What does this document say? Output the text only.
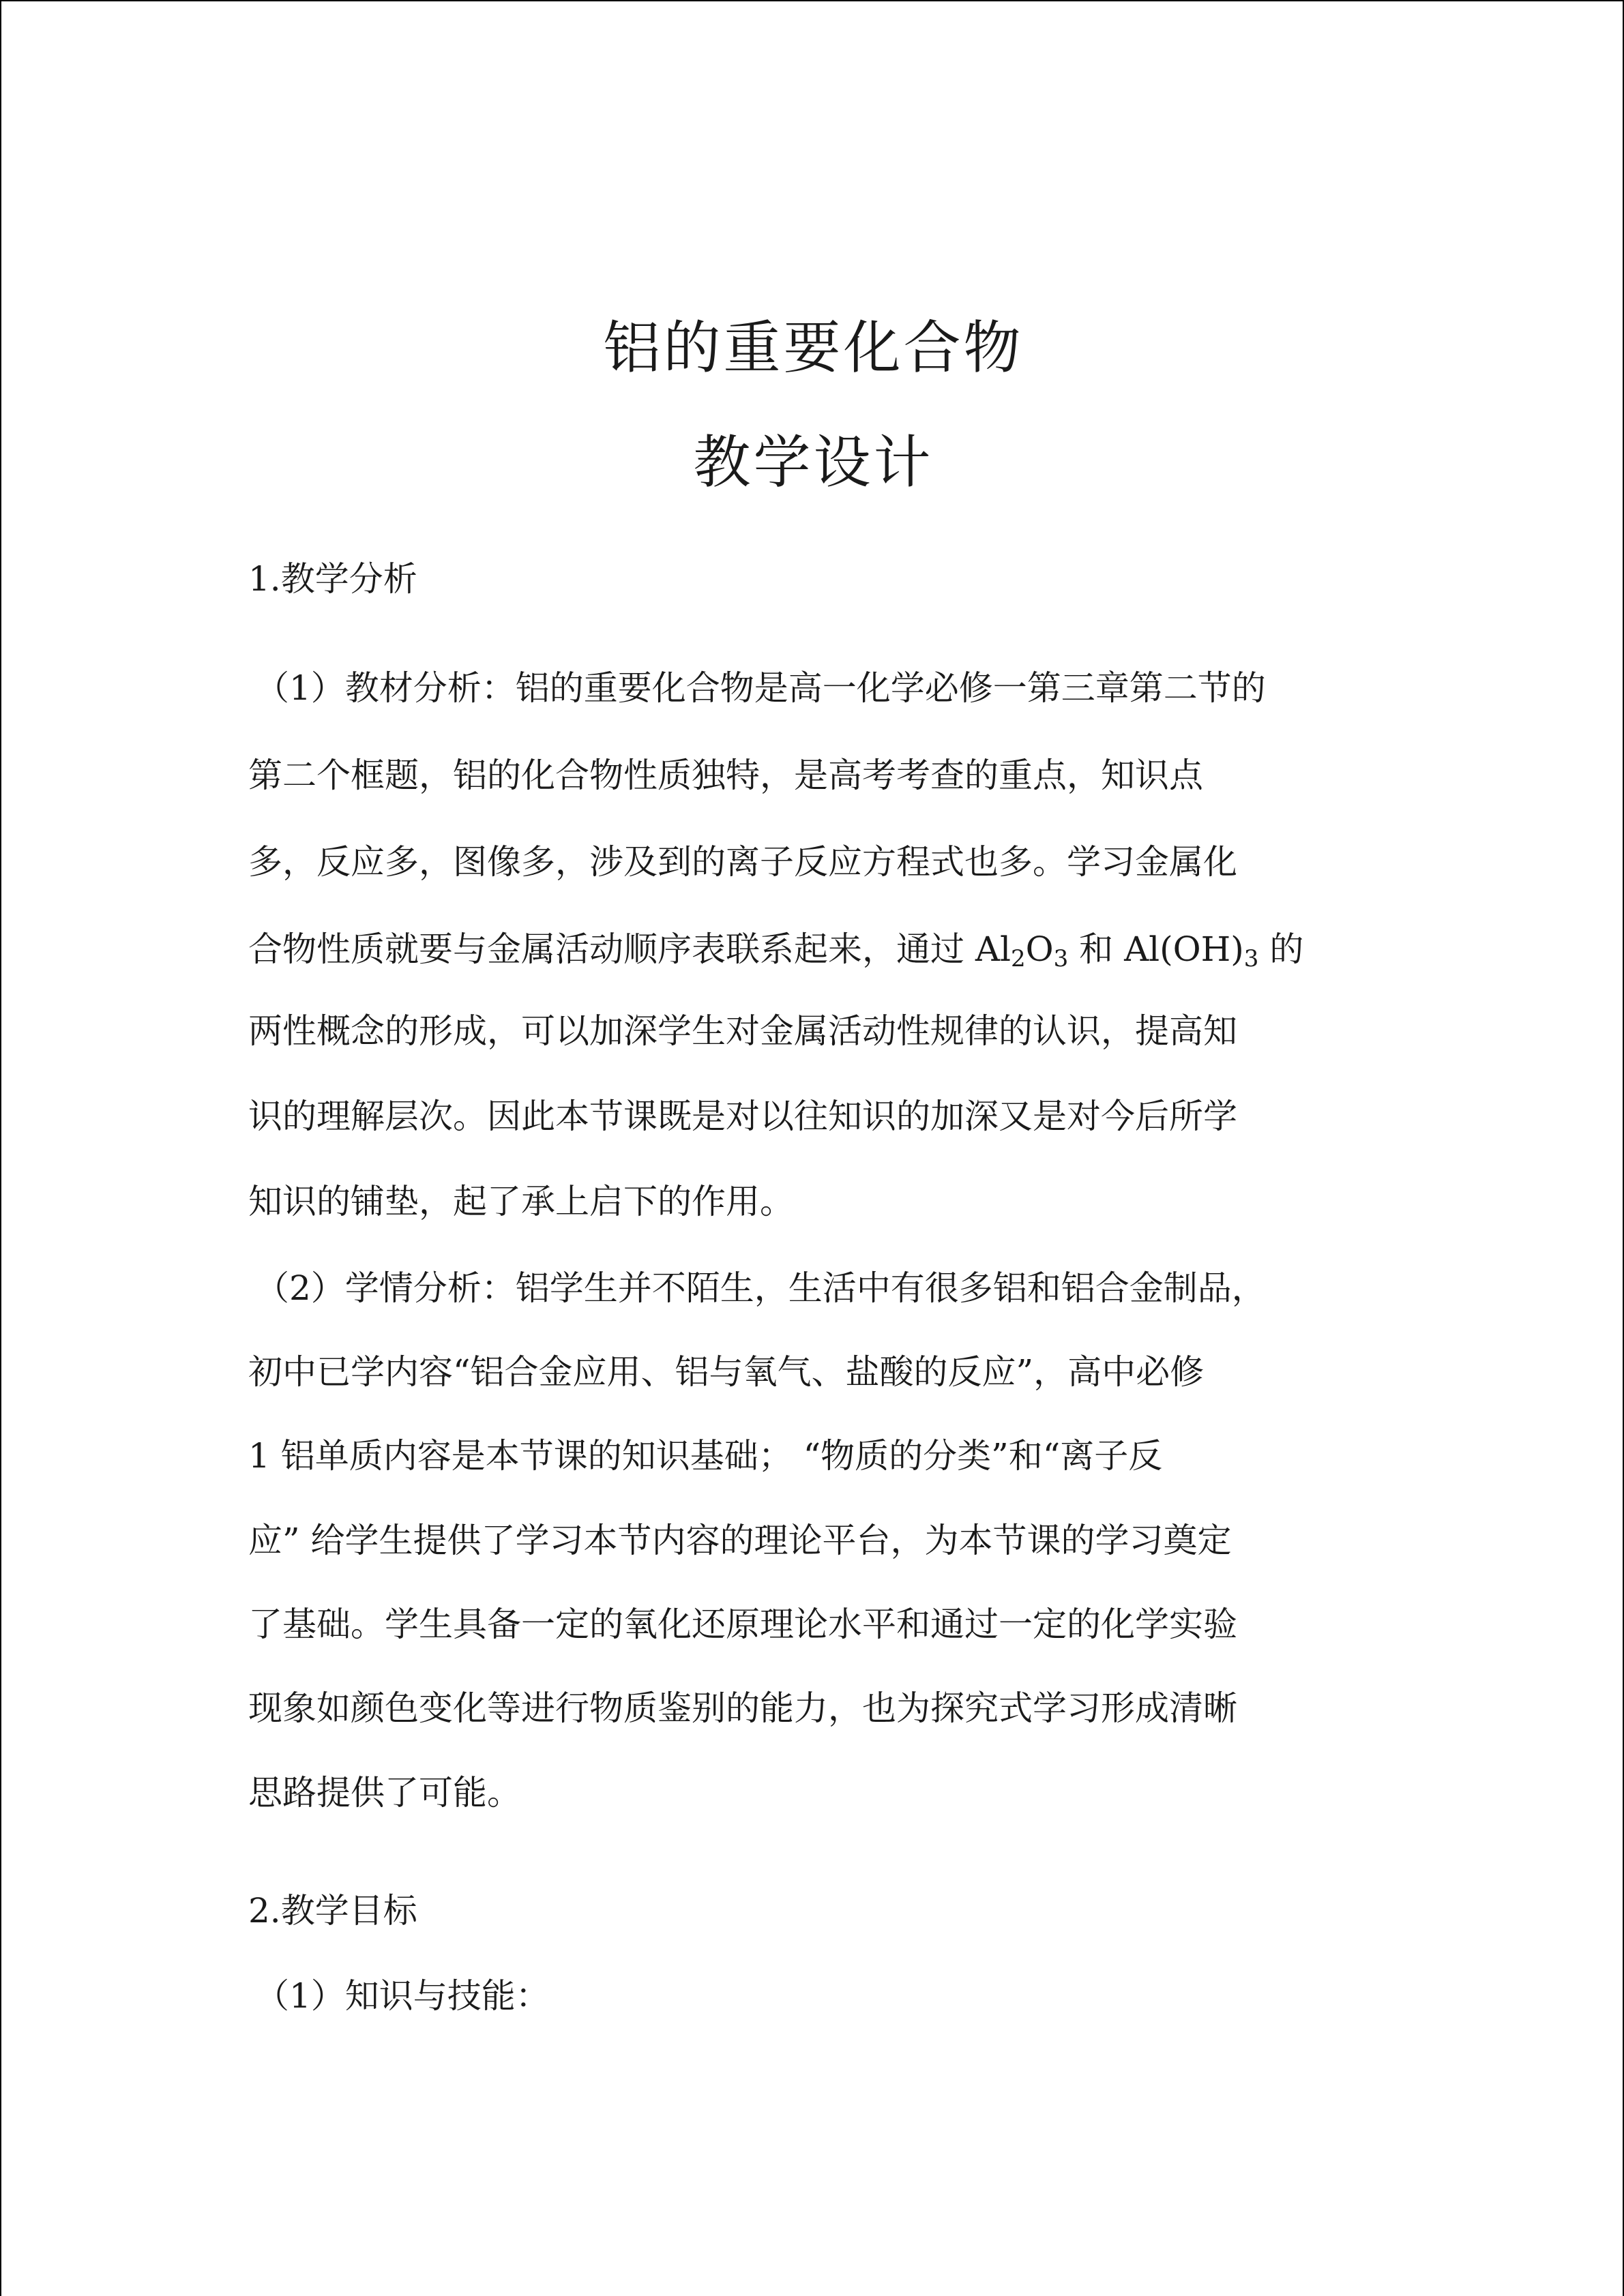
铝的重要化合物
教学设计

1.教学分析

（1）教材分析：铝的重要化合物是高一化学必修一第三章第二节的

第二个框题，铝的化合物性质独特，是高考考查的重点，知识点

多，反应多，图像多，涉及到的离子反应方程式也多。学习金属化

合物性质就要与金属活动顺序表联系起来，通过 $Al_2O_3$ 和 $Al(OH)_3$ 的

两性概念的形成，可以加深学生对金属活动性规律的认识，提高知

识的理解层次。因此本节课既是对以往知识的加深又是对今后所学

知识的铺垫，起了承上启下的作用。

（2）学情分析：铝学生并不陌生，生活中有很多铝和铝合金制品，

初中已学内容“铝合金应用、铝与氧气、盐酸的反应”，高中必修

1 铝单质内容是本节课的知识基础； “物质的分类”和“离子反

应” 给学生提供了学习本节内容的理论平台，为本节课的学习奠定

了基础。学生具备一定的氧化还原理论水平和通过一定的化学实验

现象如颜色变化等进行物质鉴别的能力，也为探究式学习形成清晰

思路提供了可能。

2.教学目标

（1）知识与技能：
